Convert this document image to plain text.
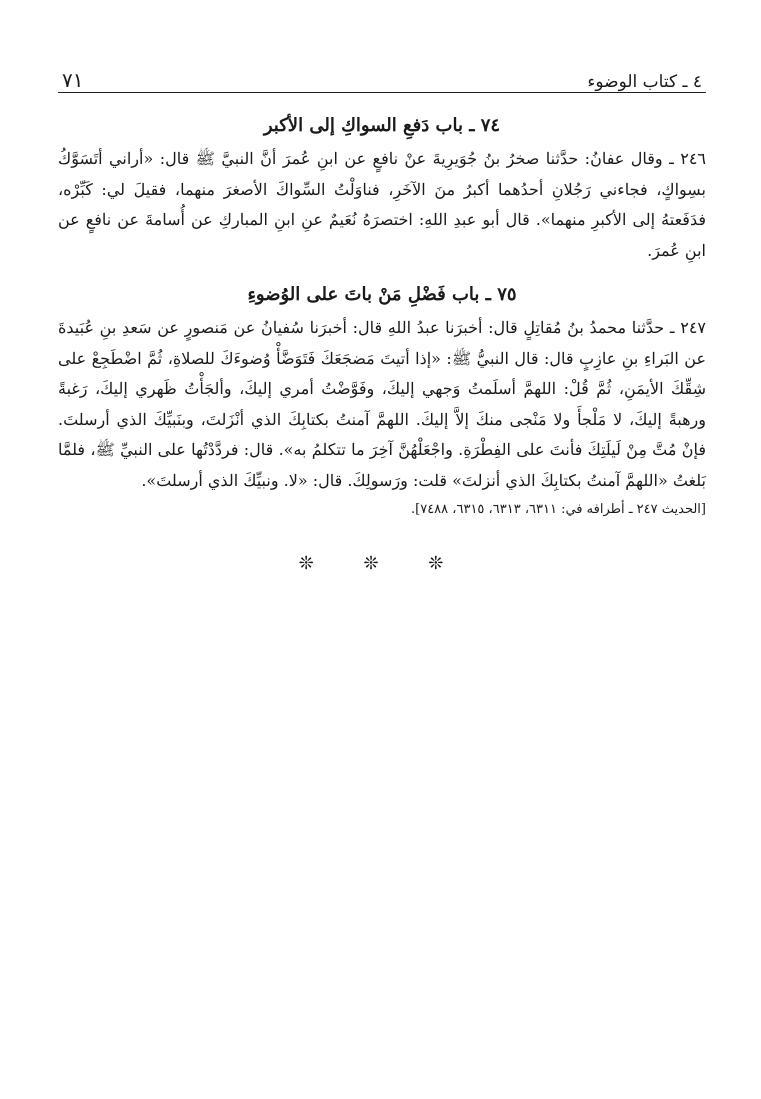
٤ ـ كتاب الوضوء
٧١
٧٤ ـ باب دَفعِ السواكِ إلى الأكبر

٢٤٦ ـ وقال عفانُ: حدَّثنا صخرُ بنُ جُوَيرِيةَ عنْ نافعٍ عن ابنِ عُمرَ أنَّ النبيَّ ﷺ قال: «أراني أتَسَوَّكُ بسِواكٍ، فجاءني رَجُلانِ أحدُهما أكبرُ منَ الآخَرِ، فناوَلْتُ السِّواكَ الأصغرَ منهما، فقيلَ لي: كَبِّرْه، فدَفَعتهُ إلى الأكبرِ منهما». قال أبو عبدِ اللهِ: اختصرَهُ نُعَيمٌ عنِ ابنِ المباركِ عن أُسامةَ عن نافعٍ عن ابنِ عُمرَ.

٧٥ ـ باب فَضْلِ مَنْ باتَ على الوُضوءِ

٢٤٧ ـ حدَّثنا محمدُ بنُ مُقاتِلٍ قال: أخبرَنا عبدُ اللهِ قال: أخبرَنا سُفيانُ عن مَنصورٍ عن سَعدِ بنِ عُبَيدةَ عن البَراءِ بنِ عازِبٍ قال: قال النبيُّ ﷺ: «إذا أتيتَ مَضجَعَكَ فَتَوَضَّأْ وُضوءَكَ للصلاةِ، ثُمَّ اضْطَجِعْ على شِقِّكَ الأيمَنِ، ثُمَّ قُلْ: اللهمَّ أسلَمتُ وَجهي إليكَ، وفَوَّضْتُ أمري إليكَ، وألجَأْتُ ظَهري إليكَ، رَغبةً ورهبةً إليكَ، لا مَلْجأَ ولا مَنْجى منكَ إلاَّ إليكَ. اللهمَّ آمنتُ بكتابِكَ الذي أنْزَلتَ، وبنَبيِّكَ الذي أرسلتَ. فإنْ مُتَّ مِنْ لَيلَتِكَ فأنتَ على الفِطْرَةِ. واجْعَلْهُنَّ آخِرَ ما تتكلمُ به». قال: فردَّدْتُها على النبيِّ ﷺ، فلمَّا بَلغتُ «اللهمَّ آمنتُ بكتابِكَ الذي أنزلتَ» قلت: ورَسولِكَ. قال: «لا. ونبيِّكَ الذي أرسلتَ».

[الحديث ٢٤٧ ـ أطرافه في: ٦٣١١، ٦٣١٣، ٦٣١٥، ٧٤٨٨].
❊ ❊ ❊
